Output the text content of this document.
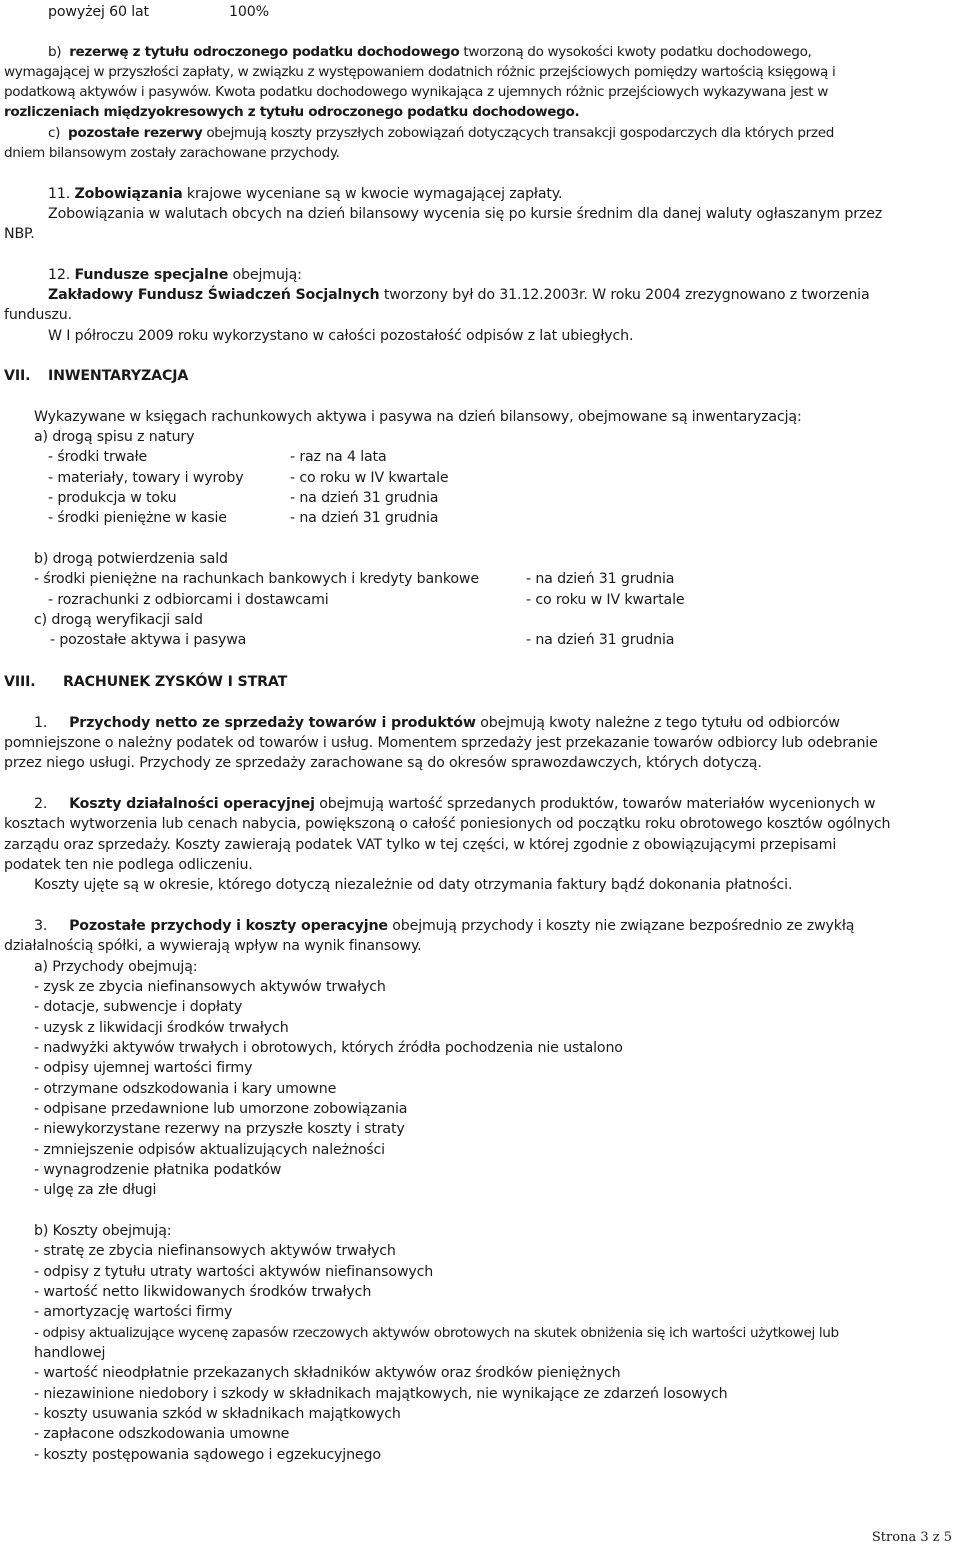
powyżej 60 lat	100%
b) rezerwę z tytułu odroczonego podatku dochodowego tworzoną do wysokości kwoty podatku dochodowego,
wymagającej w przyszłości zapłaty, w związku z występowaniem dodatnich różnic przejściowych pomiędzy wartością księgową i
podatkową aktywów i pasywów. Kwota podatku dochodowego wynikająca z ujemnych różnic przejściowych wykazywana jest w
rozliczeniach międzyokresowych z tytułu odroczonego podatku dochodowego.
c) pozostałe rezerwy obejmują koszty przyszłych zobowiązań dotyczących transakcji gospodarczych dla których przed
dniem bilansowym zostały zarachowane przychody.
11. Zobowiązania krajowe wyceniane są w kwocie wymagającej zapłaty.
Zobowiązania w walutach obcych na dzień bilansowy wycenia się po kursie średnim dla danej waluty ogłaszanym przez
NBP.
12. Fundusze specjalne obejmują:
Zakładowy Fundusz Świadczeń Socjalnych tworzony był do 31.12.2003r. W roku 2004 zrezygnowano z tworzenia
funduszu.
W I półroczu 2009 roku wykorzystano w całości pozostałość odpisów z lat ubiegłych.
VII. INWENTARYZACJA
Wykazywane w księgach rachunkowych aktywa i pasywa na dzień bilansowy, obejmowane są inwentaryzacją:
a) drogą spisu z natury
- środki trwałe	- raz na 4 lata
- materiały, towary i wyroby	- co roku w IV kwartale
- produkcja w toku	- na dzień 31 grudnia
- środki pieniężne w kasie	- na dzień 31 grudnia
b) drogą potwierdzenia sald
- środki pieniężne na rachunkach bankowych i kredyty bankowe	- na dzień 31 grudnia
- rozrachunki z odbiorcami i dostawcami	- co roku w IV kwartale
c) drogą weryfikacji sald
- pozostałe aktywa i pasywa	- na dzień 31 grudnia
VIII. RACHUNEK ZYSKÓW I STRAT
1. Przychody netto ze sprzedaży towarów i produktów obejmują kwoty należne z tego tytułu od odbiorców
pomniejszone o należny podatek od towarów i usług. Momentem sprzedaży jest przekazanie towarów odbiorcy lub odebranie
przez niego usługi. Przychody ze sprzedaży zarachowane są do okresów sprawozdawczych, których dotyczą.
2. Koszty działalności operacyjnej obejmują wartość sprzedanych produktów, towarów materiałów wycenionych w
kosztach wytworzenia lub cenach nabycia, powiększoną o całość poniesionych od początku roku obrotowego kosztów ogólnych
zarządu oraz sprzedaży. Koszty zawierają podatek VAT tylko w tej części, w której zgodnie z obowiązującymi przepisami
podatek ten nie podlega odliczeniu.
Koszty ujęte są w okresie, którego dotyczą niezależnie od daty otrzymania faktury bądź dokonania płatności.
3. Pozostałe przychody i koszty operacyjne obejmują przychody i koszty nie związane bezpośrednio ze zwykłą
działalnością spółki, a wywierają wpływ na wynik finansowy.
a) Przychody obejmują:
- zysk ze zbycia niefinansowych aktywów trwałych
- dotacje, subwencje i dopłaty
- uzysk z likwidacji środków trwałych
- nadwyżki aktywów trwałych i obrotowych, których źródła pochodzenia nie ustalono
- odpisy ujemnej wartości firmy
- otrzymane odszkodowania i kary umowne
- odpisane przedawnione lub umorzone zobowiązania
- niewykorzystane rezerwy na przyszłe koszty i straty
- zmniejszenie odpisów aktualizujących należności
- wynagrodzenie płatnika podatków
- ulgę za złe długi
b) Koszty obejmują:
- stratę ze zbycia niefinansowych aktywów trwałych
- odpisy z tytułu utraty wartości aktywów niefinansowych
- wartość netto likwidowanych środków trwałych
- amortyzację wartości firmy
- odpisy aktualizujące wycenę zapasów rzeczowych aktywów obrotowych na skutek obniżenia się ich wartości użytkowej lub
handlowej
- wartość nieodpłatnie przekazanych składników aktywów oraz środków pieniężnych
- niezawinione niedobory i szkody w składnikach majątkowych, nie wynikające ze zdarzeń losowych
- koszty usuwania szkód w składnikach majątkowych
- zapłacone odszkodowania umowne
- koszty postępowania sądowego i egzekucyjnego
Strona 3 z 5
